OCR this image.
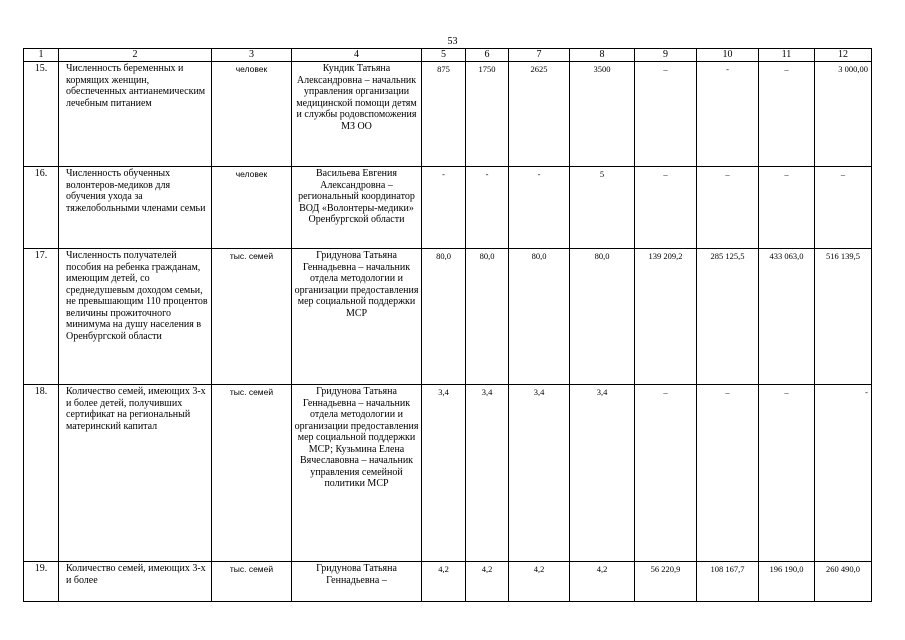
53
1	2	3	4	5	6	7	8	9	10	11	12
15.	Численность беременных и кормящих женщин, обеспеченных антианемическим лечебным питанием	человек	Кундик Татьяна Александровна – начальник управления организации медицинской помощи детям и службы родовспоможения МЗ ОО	875	1750	2625	3500	–	-	–	3 000,00
16.	Численность обученных волонтеров-медиков для обучения ухода за тяжелобольными членами семьи	человек	Васильева Евгения Александровна – региональный координатор ВОД «Волонтеры-медики» Оренбургской области	-	-	-	5	–	–	–	–
17.	Численность получателей пособия на ребенка гражданам, имеющим детей, со среднедушевым доходом семьи, не превышающим 110 процентов величины прожиточного минимума на душу населения в Оренбургской области	тыс. семей	Гридунова Татьяна Геннадьевна – начальник отдела методологии и организации предоставления мер социальной поддержки МСР	80,0	80,0	80,0	80,0	139 209,2	285 125,5	433 063,0	516 139,5
18.	Количество семей, имеющих 3-х и более детей, получивших сертификат на региональный материнский капитал	тыс. семей	Гридунова Татьяна Геннадьевна – начальник отдела методологии и организации предоставления мер социальной поддержки МСР; Кузьмина Елена Вячеславовна – начальник управления семейной политики МСР	3,4	3,4	3,4	3,4	–	–	–	-
19.	Количество семей, имеющих 3-х и более	тыс. семей	Гридунова Татьяна Геннадьевна –	4,2	4,2	4,2	4,2	56 220,9	108 167,7	196 190,0	260 490,0
